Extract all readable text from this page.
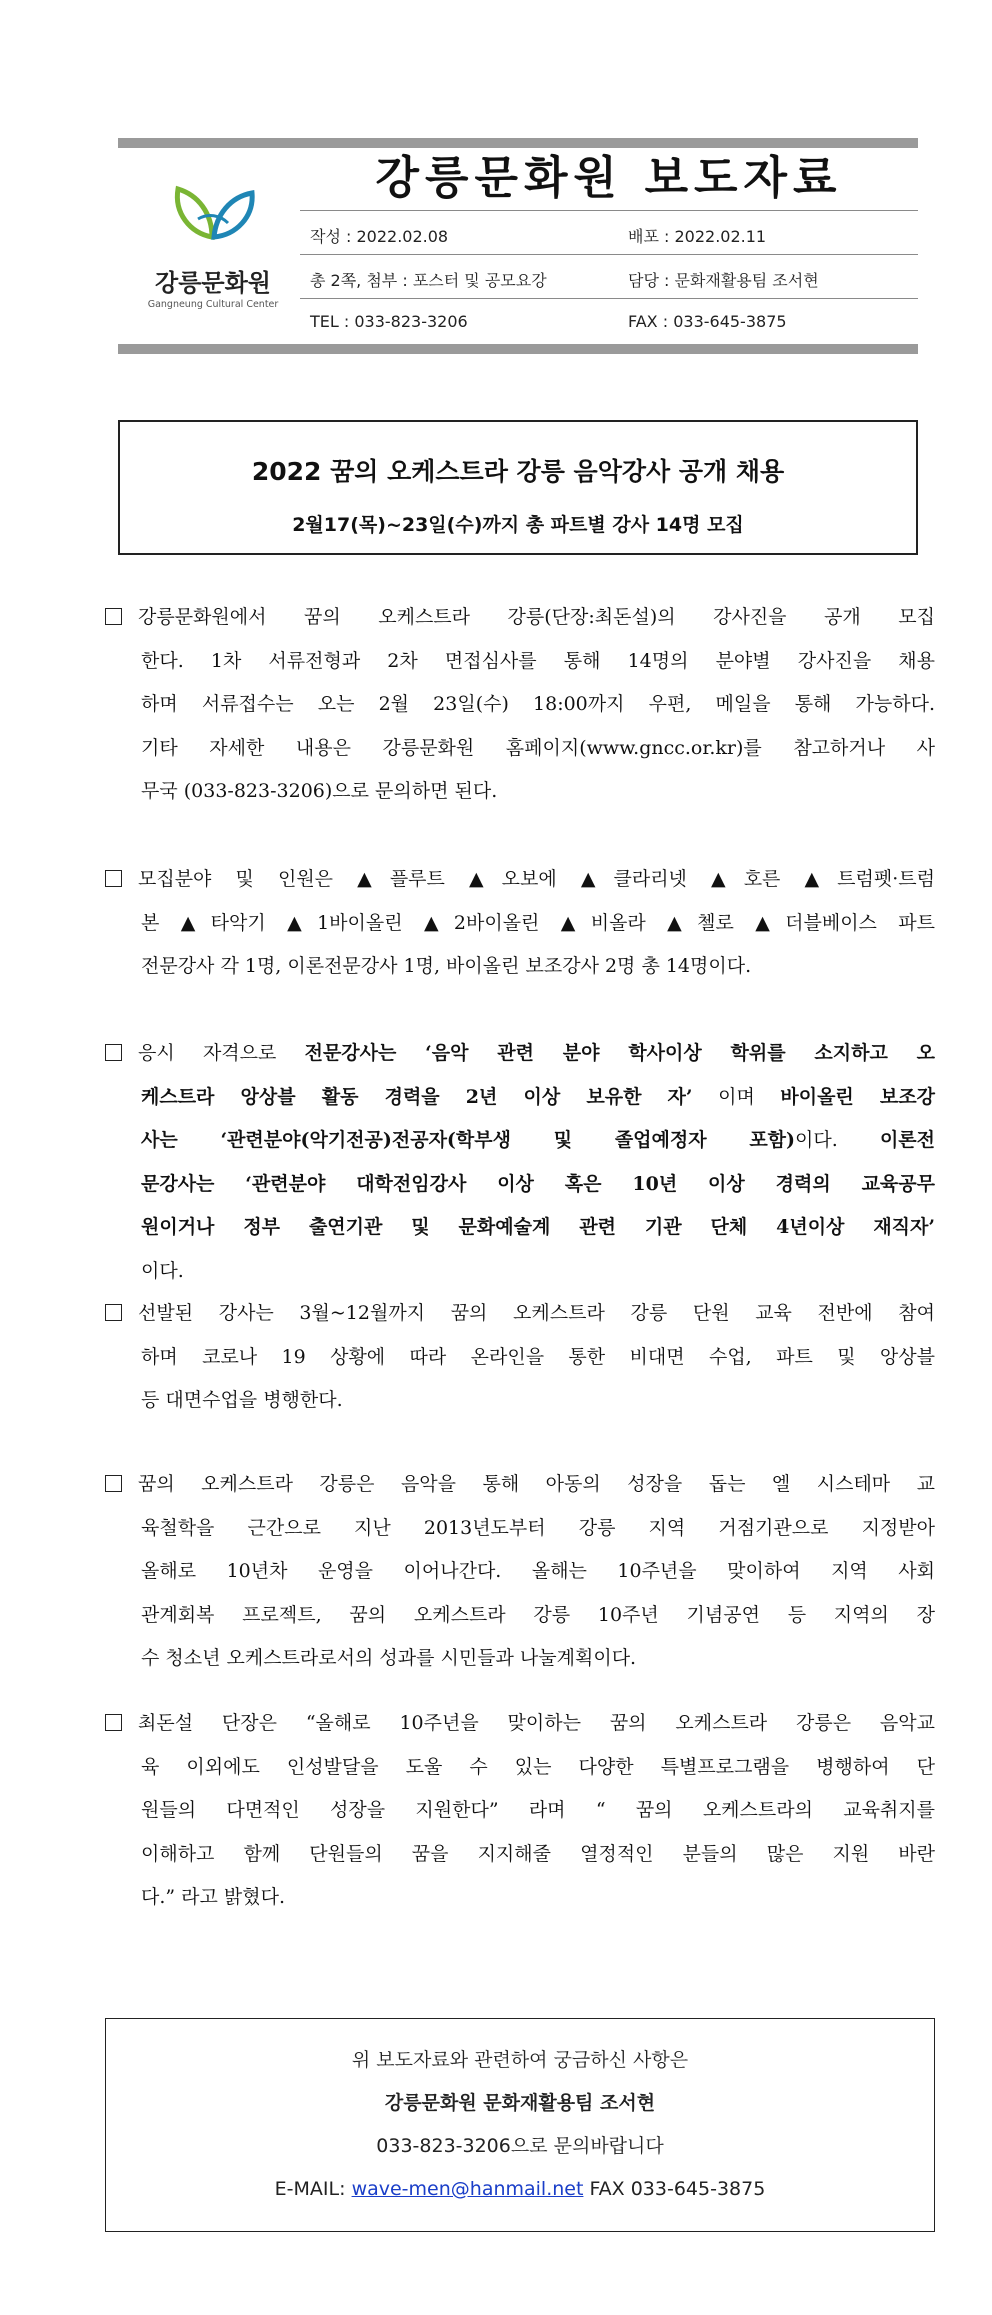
강릉문화원
Gangneung Cultural Center
강릉문화원 보도자료
작성 : 2022.02.08	배포 : 2022.02.11
총 2쪽, 첨부 : 포스터 및 공모요강	담당 : 문화재활용팀 조서현
TEL : 033-823-3206	FAX : 033-645-3875
2022 꿈의 오케스트라 강릉 음악강사 공개 채용
2월17(목)~23일(수)까지 총 파트별 강사 14명 모집
강릉문화원에서 꿈의 오케스트라 강릉(단장:최돈설)의 강사진을 공개 모집
한다. 1차 서류전형과 2차 면접심사를 통해 14명의 분야별 강사진을 채용
하며 서류접수는 오는 2월 23일(수) 18:00까지 우편, 메일을 통해 가능하다.
기타 자세한 내용은 강릉문화원 홈페이지(www.gncc.or.kr)를 참고하거나 사
무국 (033-823-3206)으로 문의하면 된다.
모집분야 및 인원은 ▲플루트 ▲오보에 ▲클라리넷 ▲호른 ▲트럼펫·트럼
본 ▲타악기 ▲1바이올린 ▲2바이올린 ▲비올라 ▲첼로 ▲더블베이스 파트
전문강사 각 1명, 이론전문강사 1명, 바이올린 보조강사 2명 총 14명이다.
응시 자격으로 전문강사는 ‘음악 관련 분야 학사이상 학위를 소지하고 오
케스트라 앙상블 활동 경력을 2년 이상 보유한 자’ 이며 바이올린 보조강
사는 ‘관련분야(악기전공)전공자(학부생 및 졸업예정자 포함)이다. 이론전
문강사는 ‘관련분야 대학전임강사 이상 혹은 10년 이상 경력의 교육공무
원이거나 정부 출연기관 및 문화예술계 관련 기관 단체 4년이상 재직자’
이다.
선발된 강사는 3월~12월까지 꿈의 오케스트라 강릉 단원 교육 전반에 참여
하며 코로나 19 상황에 따라 온라인을 통한 비대면 수업, 파트 및 앙상블
등 대면수업을 병행한다.
꿈의 오케스트라 강릉은 음악을 통해 아동의 성장을 돕는 엘 시스테마 교
육철학을 근간으로 지난 2013년도부터 강릉 지역 거점기관으로 지정받아
올해로 10년차 운영을 이어나간다. 올해는 10주년을 맞이하여 지역 사회
관계회복 프로젝트, 꿈의 오케스트라 강릉 10주년 기념공연 등 지역의 장
수 청소년 오케스트라로서의 성과를 시민들과 나눌계획이다.
최돈설 단장은 “올해로 10주년을 맞이하는 꿈의 오케스트라 강릉은 음악교
육 이외에도 인성발달을 도울 수 있는 다양한 특별프로그램을 병행하여 단
원들의 다면적인 성장을 지원한다” 라며 “ 꿈의 오케스트라의 교육취지를
이해하고 함께 단원들의 꿈을 지지해줄 열정적인 분들의 많은 지원 바란
다.” 라고 밝혔다.
위 보도자료와 관련하여 궁금하신 사항은
강릉문화원 문화재활용팀 조서현
033-823-3206으로 문의바랍니다
E-MAIL: wave-men@hanmail.net FAX 033-645-3875
